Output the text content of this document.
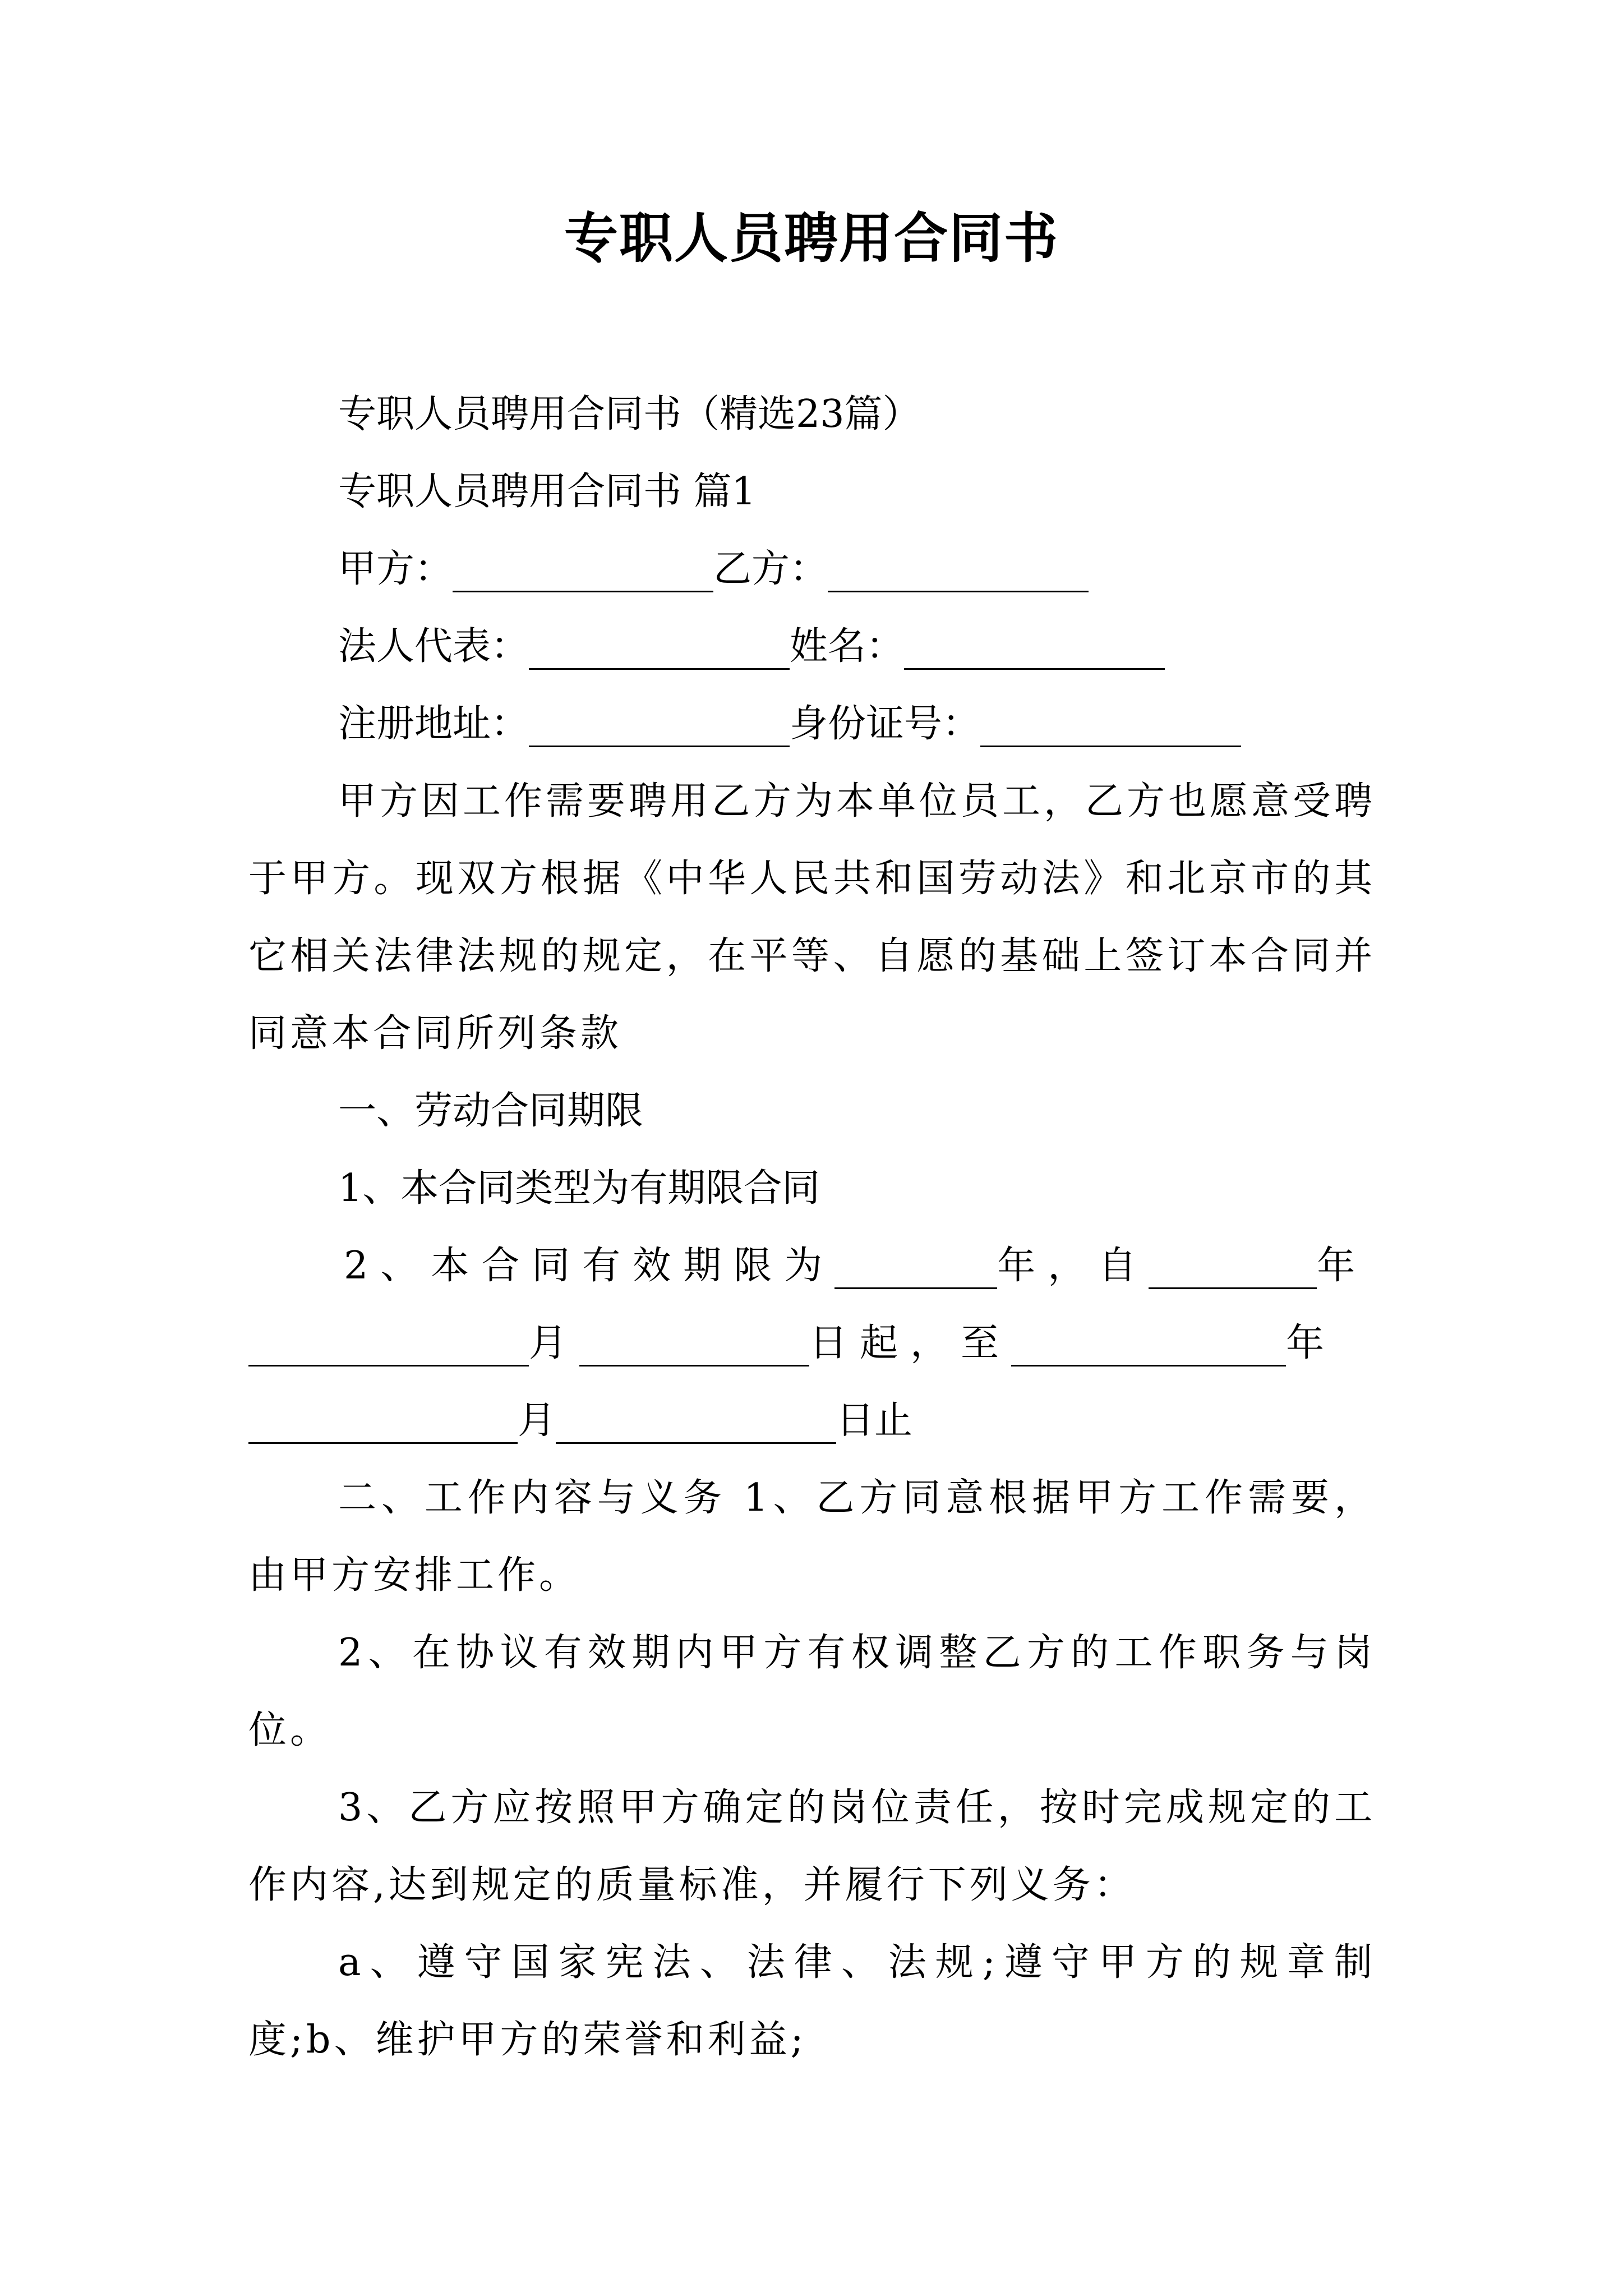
专职人员聘用合同书
专职人员聘用合同书（精选23篇）
专职人员聘用合同书 篇1
甲方：	乙方：
法人代表：	姓名：
注册地址：	身份证号：
甲方因工作需要聘用乙方为本单位员工，乙方也愿意受聘于甲方。现双方根据《中华人民共和国劳动法》和北京市的其它相关法律法规的规定，在平等、自愿的基础上签订本合同并同意本合同所列条款
一、劳动合同期限
1、本合同类型为有期限合同
2、本合同有效期限为	年，自	年
月	日起，至	年
月	日止
二、工作内容与义务 1、乙方同意根据甲方工作需要，由甲方安排工作。
2、在协议有效期内甲方有权调整乙方的工作职务与岗位。
3、乙方应按照甲方确定的岗位责任，按时完成规定的工作内容,达到规定的质量标准，并履行下列义务：
a、遵守国家宪法、法律、法规;遵守甲方的规章制度;b、维护甲方的荣誉和利益;
